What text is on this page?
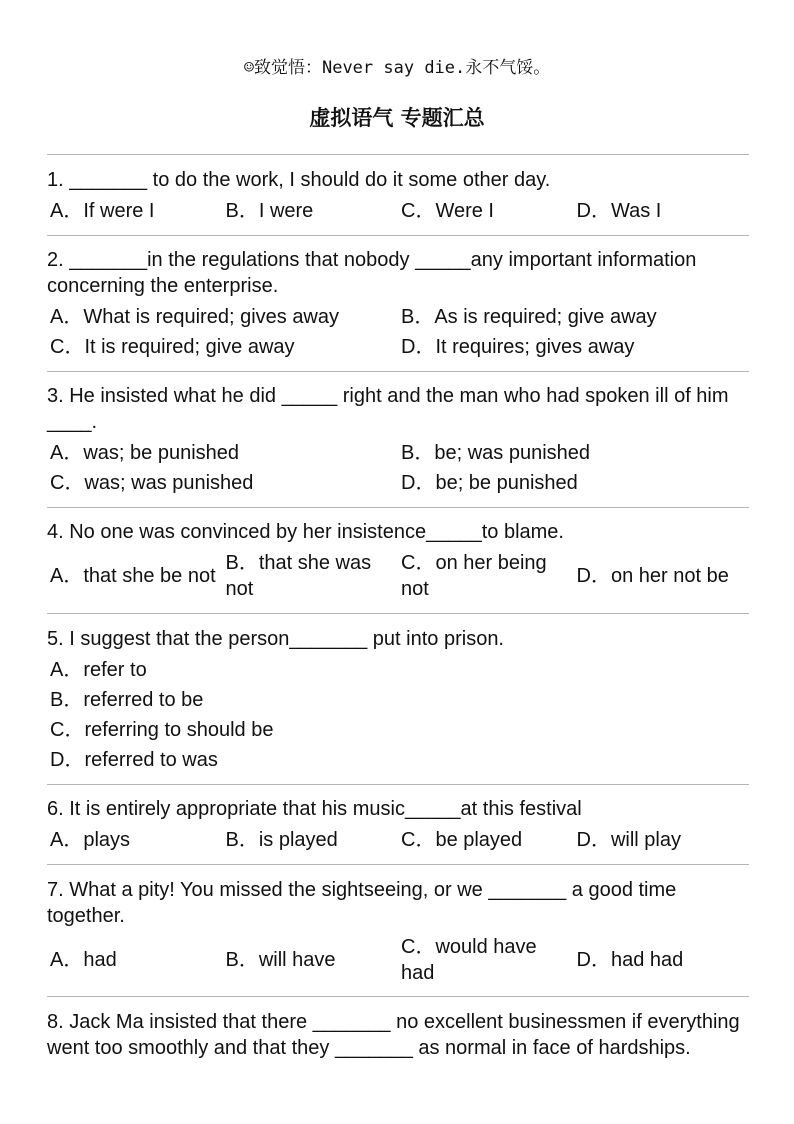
☺致觉悟：Never say die.永不气馁。
虚拟语气 专题汇总

1. _______ to do the work, I should do it some other day.

A．If were I	B．I were	C．Were I	D．Was I

2. _______in the regulations that nobody _____any important information concerning the enterprise.

A．What is required; gives away	B．As is required; give away
C．It is required; give away	D．It requires; gives away

3. He insisted what he did _____ right and the man who had spoken ill of him ____.

A．was; be punished	B．be; was punished
C．was; was punished	D．be; be punished

4. No one was convinced by her insistence_____to blame.

A．that she be not
B．that she was not
C．on her being not
D．on her not be

5. I suggest that the person_______ put into prison.

A．refer to
B．referred to be
C．referring to should be
D．referred to was

6. It is entirely appropriate that his music_____at this festival

A．plays	B．is played	C．be played	D．will play

7. What a pity! You missed the sightseeing, or we _______ a good time together.

A．had	B．will have
C．would have had
D．had had

8. Jack Ma insisted that there _______ no excellent businessmen if everything went too smoothly and that they _______ as normal in face of hardships.
